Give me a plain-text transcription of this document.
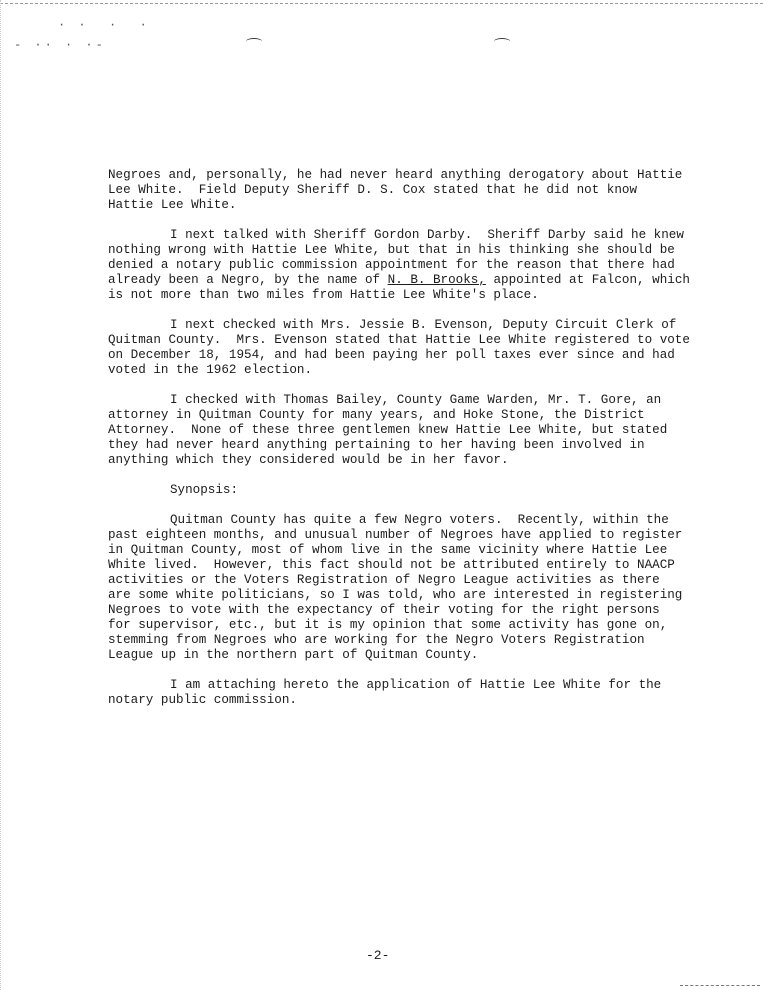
· ·  ·  ·
- ·· · ·-
Negroes and, personally, he had never heard anything derogatory about Hattie
Lee White.  Field Deputy Sheriff D. S. Cox stated that he did not know
Hattie Lee White.
I next talked with Sheriff Gordon Darby.  Sheriff Darby said he knew
nothing wrong with Hattie Lee White, but that in his thinking she should be
denied a notary public commission appointment for the reason that there had
already been a Negro, by the name of N. B. Brooks, appointed at Falcon, which
is not more than two miles from Hattie Lee White's place.
I next checked with Mrs. Jessie B. Evenson, Deputy Circuit Clerk of
Quitman County.  Mrs. Evenson stated that Hattie Lee White registered to vote
on December 18, 1954, and had been paying her poll taxes ever since and had
voted in the 1962 election.
I checked with Thomas Bailey, County Game Warden, Mr. T. Gore, an
attorney in Quitman County for many years, and Hoke Stone, the District
Attorney.  None of these three gentlemen knew Hattie Lee White, but stated
they had never heard anything pertaining to her having been involved in
anything which they considered would be in her favor.
Synopsis:
Quitman County has quite a few Negro voters.  Recently, within the
past eighteen months, and unusual number of Negroes have applied to register
in Quitman County, most of whom live in the same vicinity where Hattie Lee
White lived.  However, this fact should not be attributed entirely to NAACP
activities or the Voters Registration of Negro League activities as there
are some white politicians, so I was told, who are interested in registering
Negroes to vote with the expectancy of their voting for the right persons
for supervisor, etc., but it is my opinion that some activity has gone on,
stemming from Negroes who are working for the Negro Voters Registration
League up in the northern part of Quitman County.
I am attaching hereto the application of Hattie Lee White for the
notary public commission.
-2-
